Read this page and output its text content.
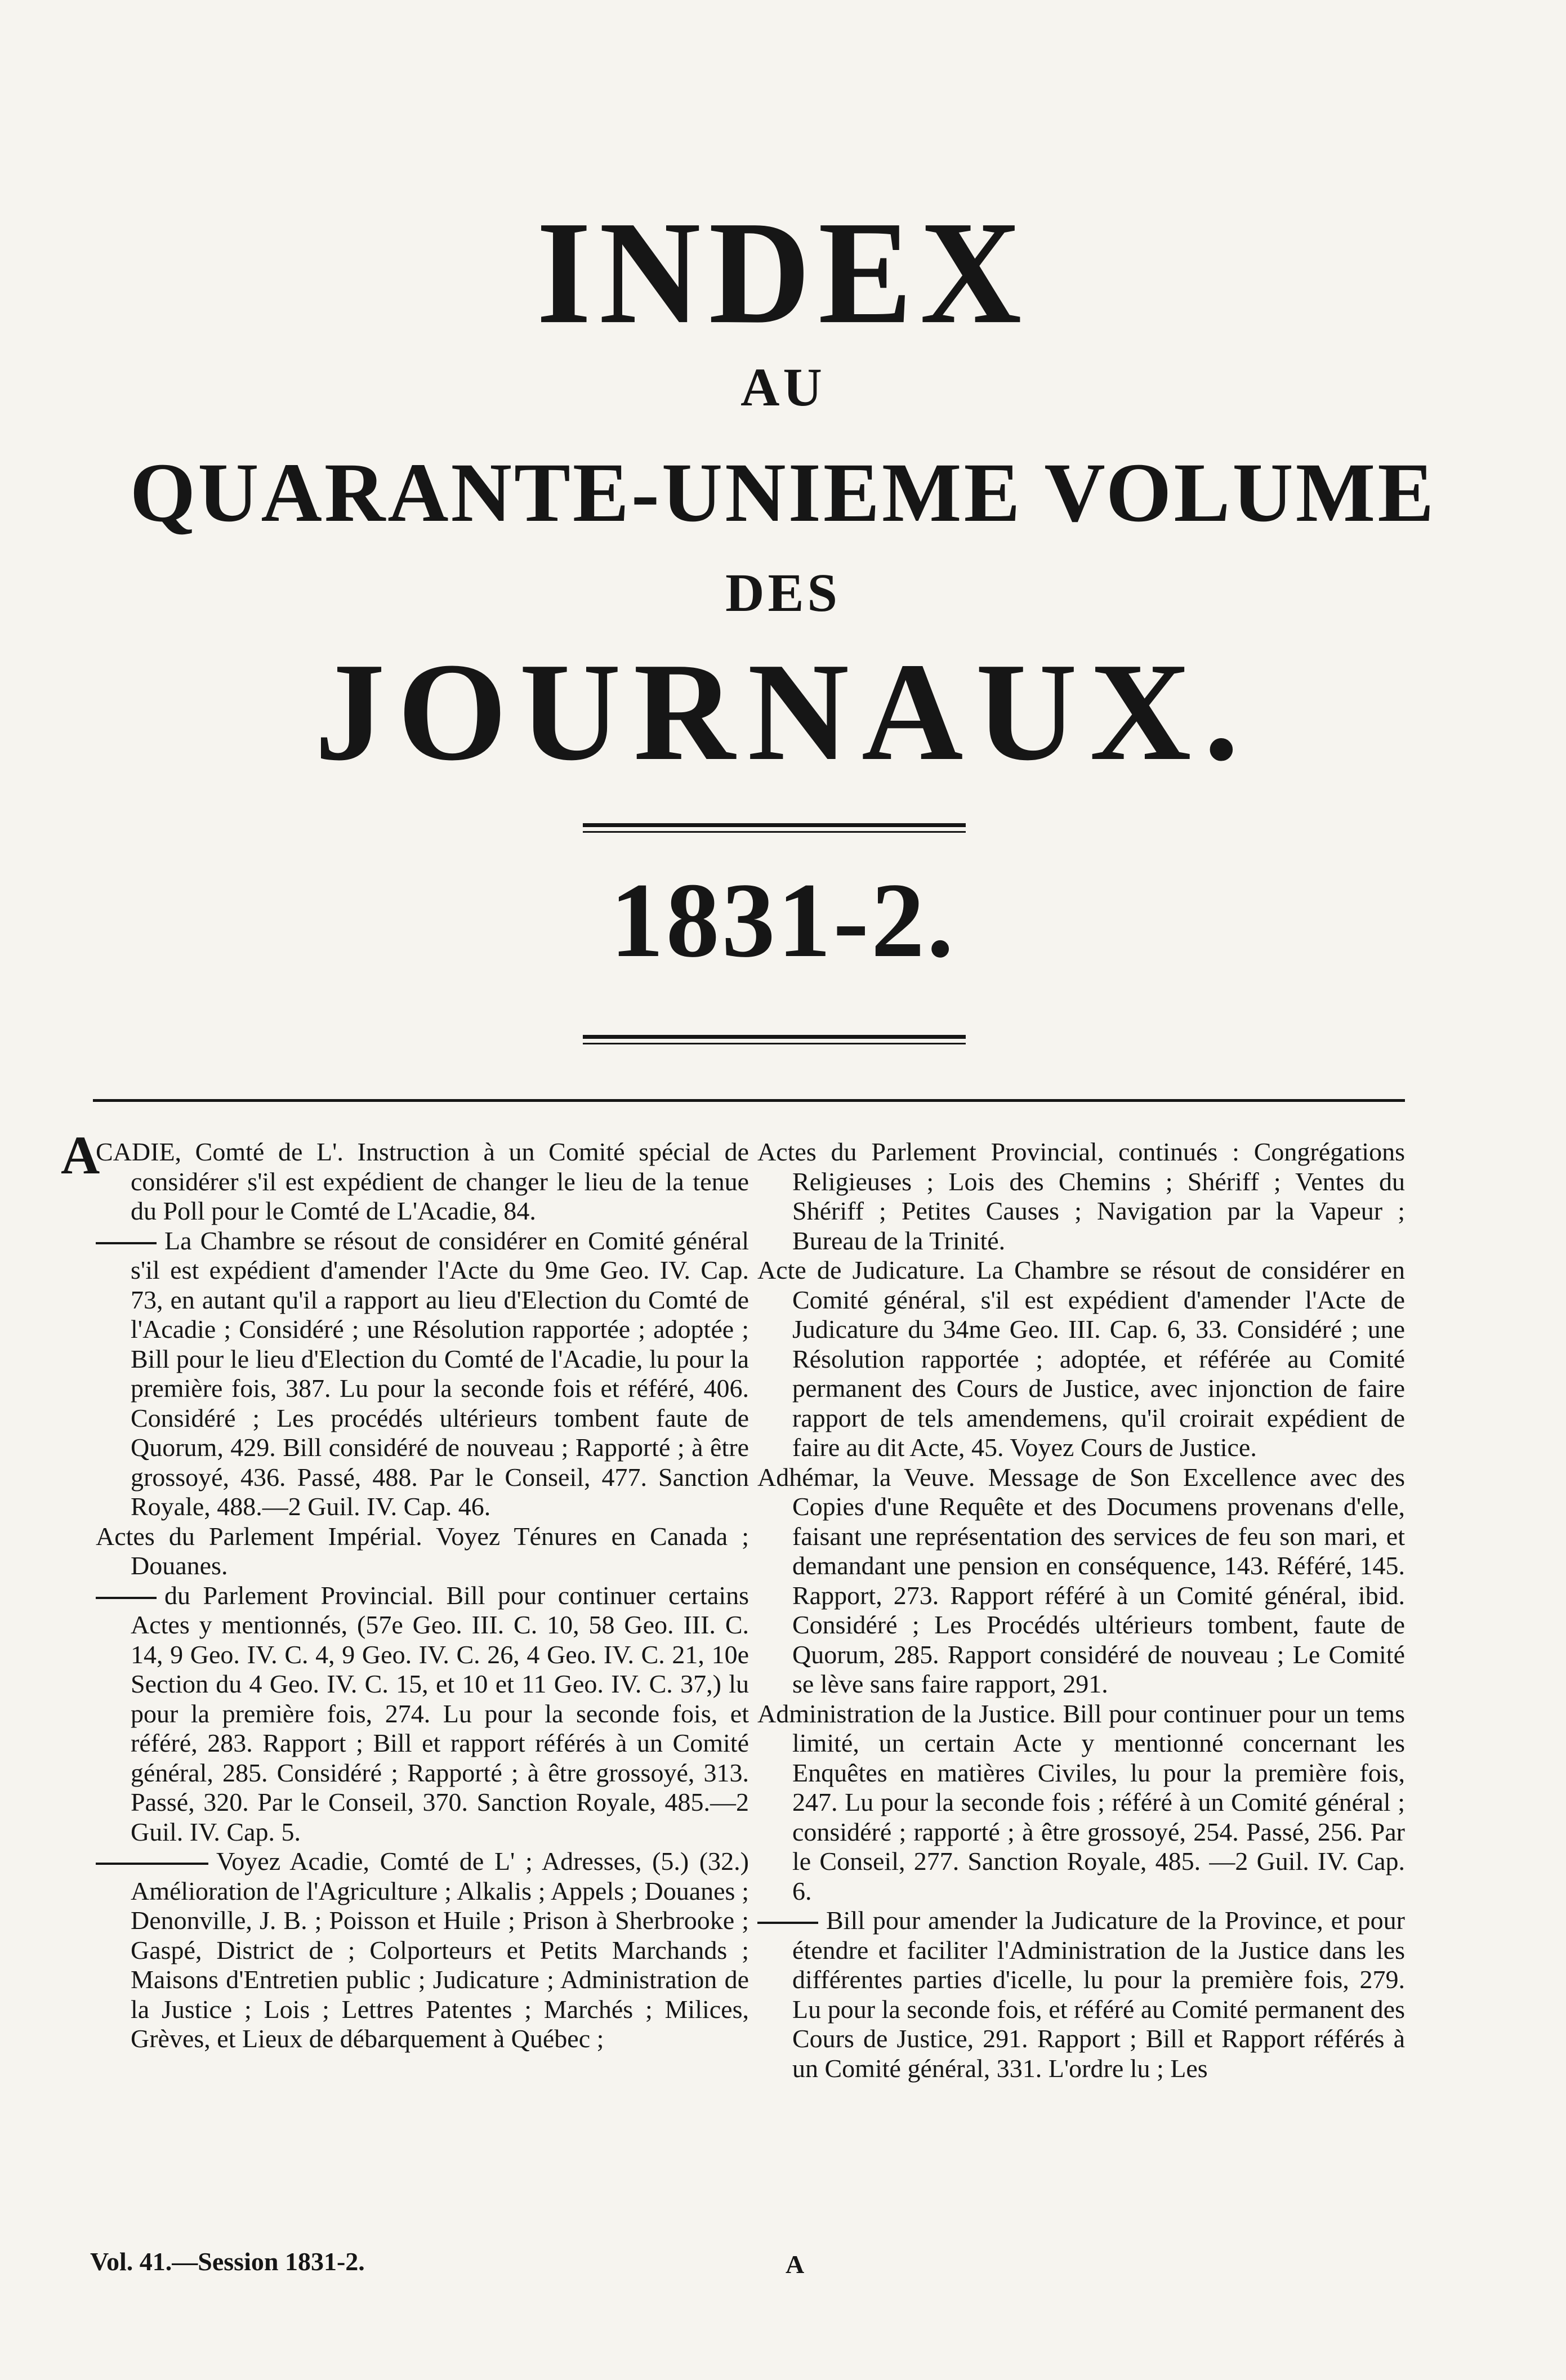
INDEX
AU
QUARANTE-UNIEME VOLUME
DES
JOURNAUX.
1831-2.

A
CADIE, Comté de L'. Instruction à un Comité spécial de considérer s'il est expédient de changer le lieu de la tenue du Poll pour le Comté de L'Acadie, 84.

La Chambre se résout de considérer en Comité général s'il est expédient d'amender l'Acte du 9me Geo. IV. Cap. 73, en autant qu'il a rapport au lieu d'Election du Comté de l'Acadie ; Considéré ; une Résolution rapportée ; adoptée ; Bill pour le lieu d'Election du Comté de l'Acadie, lu pour la première fois, 387. Lu pour la seconde fois et référé, 406. Considéré ; Les procédés ultérieurs tombent faute de Quorum, 429. Bill considéré de nouveau ; Rapporté ; à être grossoyé, 436. Passé, 488. Par le Conseil, 477. Sanction Royale, 488.—2 Guil. IV. Cap. 46.

Actes du Parlement Impérial. Voyez Ténures en Canada ; Douanes.

du Parlement Provincial. Bill pour continuer certains Actes y mentionnés, (57e Geo. III. C. 10, 58 Geo. III. C. 14, 9 Geo. IV. C. 4, 9 Geo. IV. C. 26, 4 Geo. IV. C. 21, 10e Section du 4 Geo. IV. C. 15, et 10 et 11 Geo. IV. C. 37,) lu pour la première fois, 274. Lu pour la seconde fois, et référé, 283. Rapport ; Bill et rapport référés à un Comité général, 285. Considéré ; Rapporté ; à être grossoyé, 313. Passé, 320. Par le Conseil, 370. Sanction Royale, 485.—2 Guil. IV. Cap. 5.

Voyez Acadie, Comté de L' ; Adresses, (5.) (32.) Amélioration de l'Agriculture ; Alkalis ; Appels ; Douanes ; Denonville, J. B. ; Poisson et Huile ; Prison à Sherbrooke ; Gaspé, District de ; Colporteurs et Petits Marchands ; Maisons d'Entretien public ; Judicature ; Administration de la Justice ; Lois ; Lettres Patentes ; Marchés ; Milices, Grèves, et Lieux de débarquement à Québec ;

Actes du Parlement Provincial, continués : Congrégations Religieuses ; Lois des Chemins ; Shériff ; Ventes du Shériff ; Petites Causes ; Navigation par la Vapeur ; Bureau de la Trinité.

Acte de Judicature. La Chambre se résout de considérer en Comité général, s'il est expédient d'amender l'Acte de Judicature du 34me Geo. III. Cap. 6, 33. Considéré ; une Résolution rapportée ; adoptée, et référée au Comité permanent des Cours de Justice, avec injonction de faire rapport de tels amendemens, qu'il croirait expédient de faire au dit Acte, 45. Voyez Cours de Justice.

Adhémar, la Veuve. Message de Son Excellence avec des Copies d'une Requête et des Documens provenans d'elle, faisant une représentation des services de feu son mari, et demandant une pension en conséquence, 143. Référé, 145. Rapport, 273. Rapport référé à un Comité général, ibid. Considéré ; Les Procédés ultérieurs tombent, faute de Quorum, 285. Rapport considéré de nouveau ; Le Comité se lève sans faire rapport, 291.

Administration de la Justice. Bill pour continuer pour un tems limité, un certain Acte y mentionné concernant les Enquêtes en matières Civiles, lu pour la première fois, 247. Lu pour la seconde fois ; référé à un Comité général ; considéré ; rapporté ; à être grossoyé, 254. Passé, 256. Par le Conseil, 277. Sanction Royale, 485. —2 Guil. IV. Cap. 6.

Bill pour amender la Judicature de la Province, et pour étendre et faciliter l'Administration de la Justice dans les différentes parties d'icelle, lu pour la première fois, 279. Lu pour la seconde fois, et référé au Comité permanent des Cours de Justice, 291. Rapport ; Bill et Rapport référés à un Comité général, 331. L'ordre lu ; Les

Vol. 41.—Session 1831-2.	A
